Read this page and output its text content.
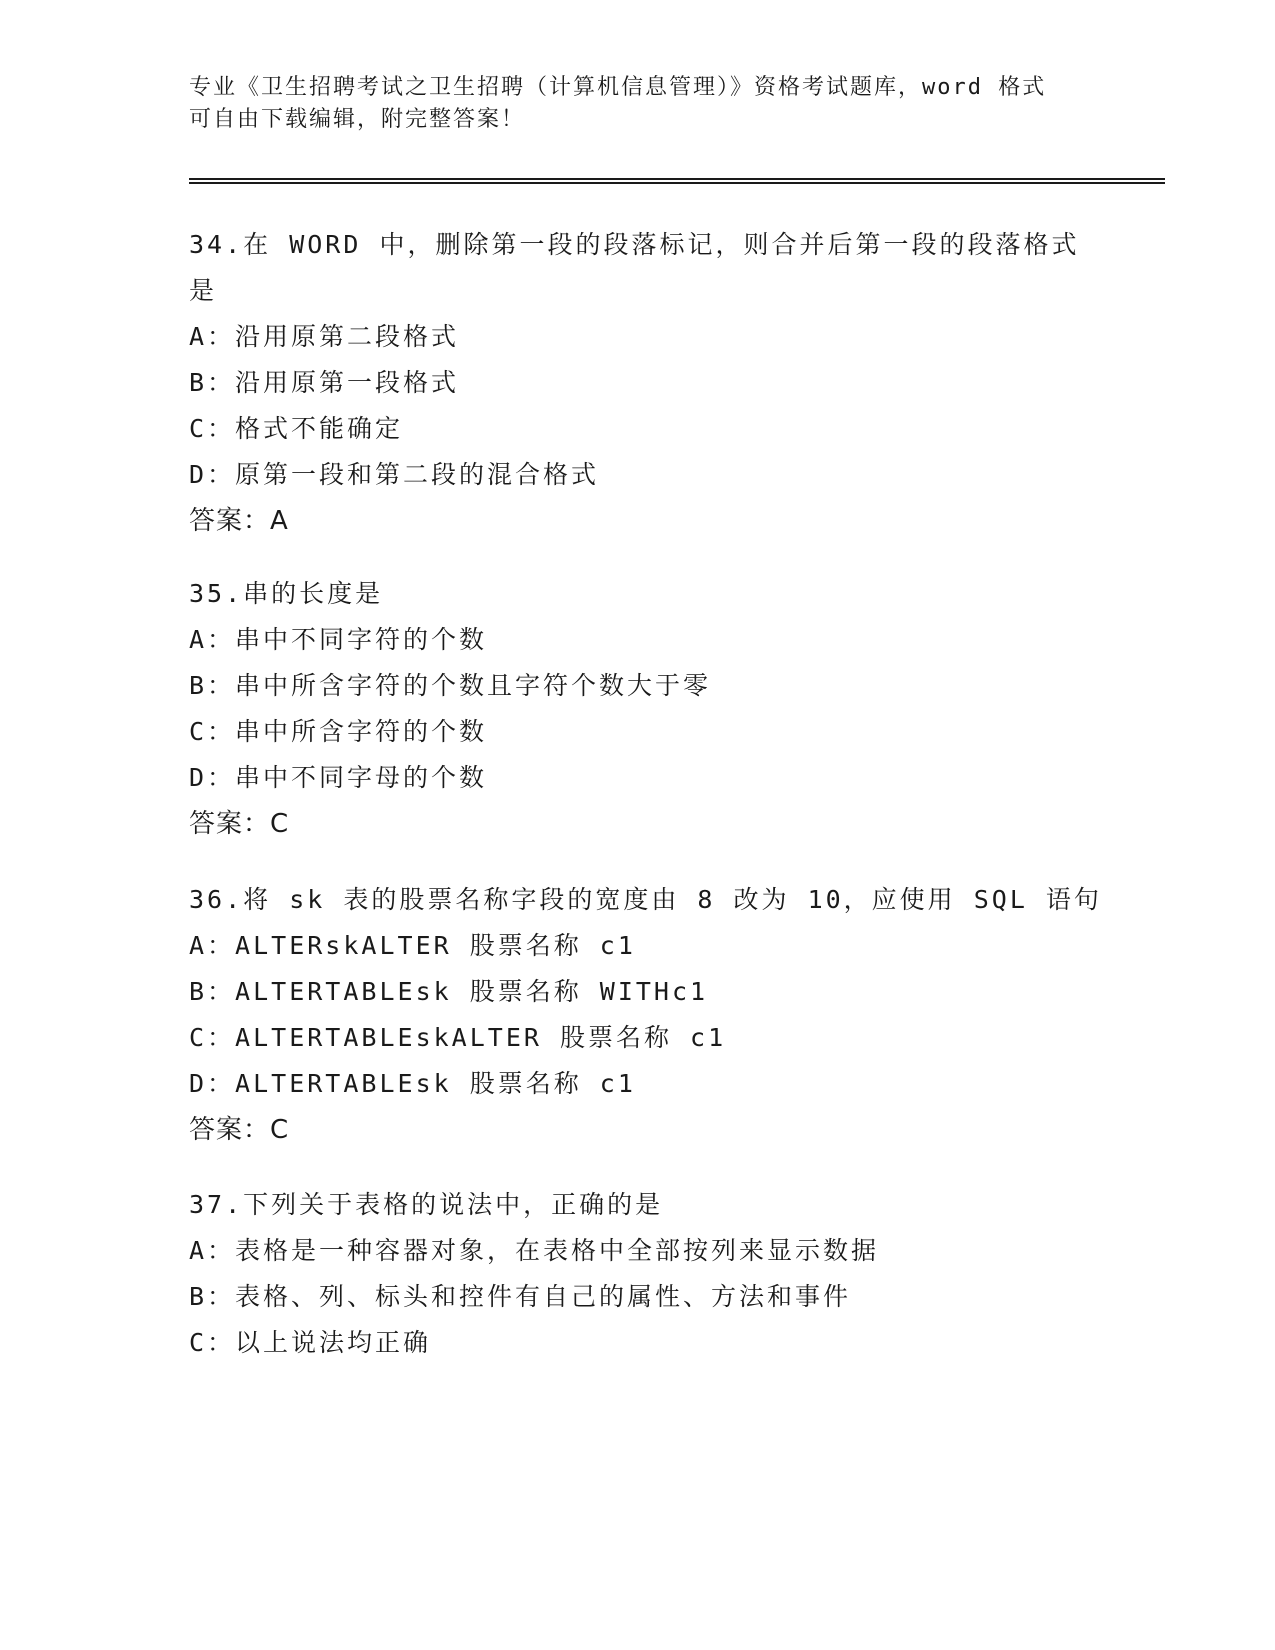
专业《卫生招聘考试之卫生招聘（计算机信息管理）》资格考试题库，word 格式
可自由下载编辑，附完整答案！

34.在 WORD 中，删除第一段的段落标记，则合并后第一段的段落格式

是

A：沿用原第二段格式

B：沿用原第一段格式

C：格式不能确定

D：原第一段和第二段的混合格式

答案：A

35.串的长度是

A：串中不同字符的个数

B：串中所含字符的个数且字符个数大于零

C：串中所含字符的个数

D：串中不同字母的个数

答案：C

36.将 sk 表的股票名称字段的宽度由 8 改为 10，应使用 SQL 语句

A：ALTERskALTER 股票名称 c1

B：ALTERTABLEsk 股票名称 WITHc1

C：ALTERTABLEskALTER 股票名称 c1

D：ALTERTABLEsk 股票名称 c1

答案：C

37.下列关于表格的说法中，正确的是

A：表格是一种容器对象，在表格中全部按列来显示数据

B：表格、列、标头和控件有自己的属性、方法和事件

C：以上说法均正确
